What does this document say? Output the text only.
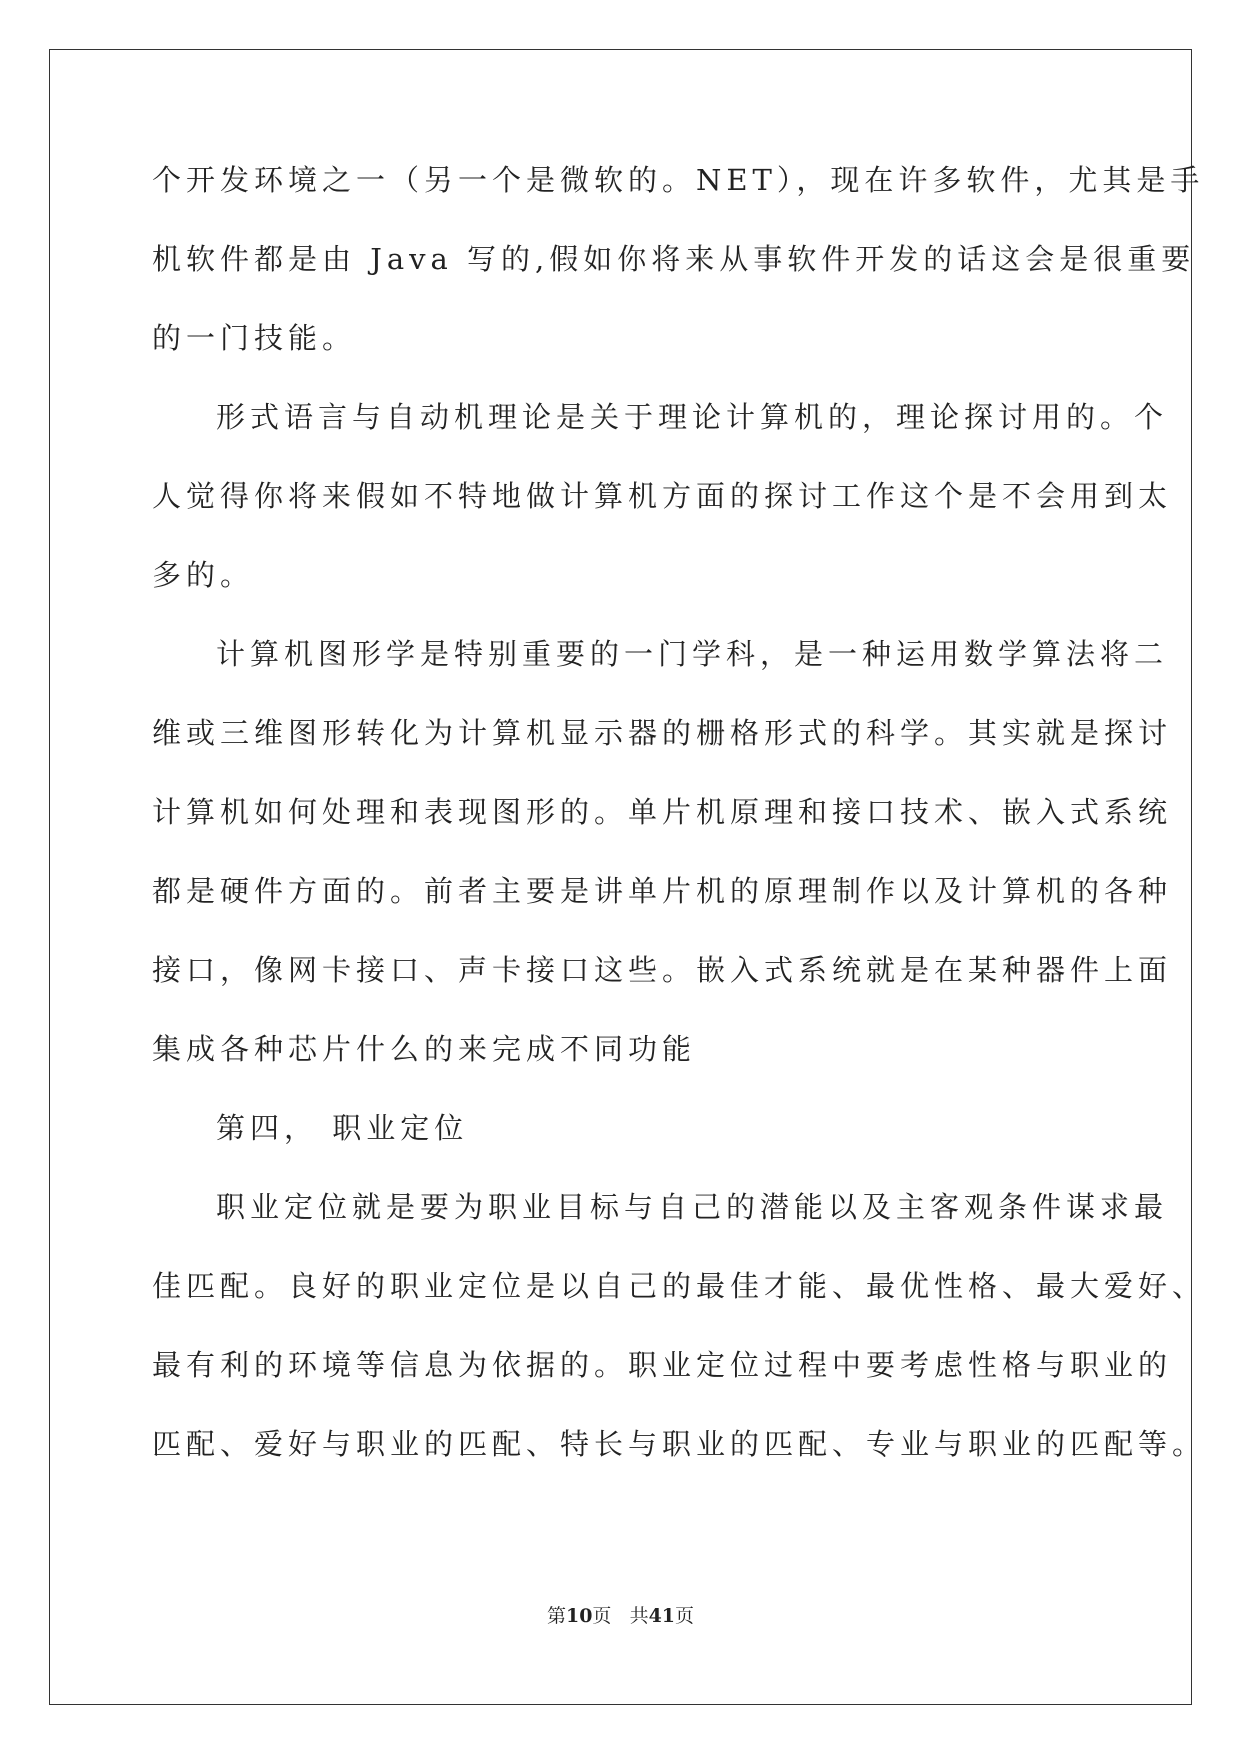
个开发环境之一（另一个是微软的。NET），现在许多软件，尤其是手
机软件都是由 Java 写的,假如你将来从事软件开发的话这会是很重要
的一门技能。
形式语言与自动机理论是关于理论计算机的，理论探讨用的。个
人觉得你将来假如不特地做计算机方面的探讨工作这个是不会用到太
多的。
计算机图形学是特别重要的一门学科，是一种运用数学算法将二
维或三维图形转化为计算机显示器的栅格形式的科学。其实就是探讨
计算机如何处理和表现图形的。单片机原理和接口技术、嵌入式系统
都是硬件方面的。前者主要是讲单片机的原理制作以及计算机的各种
接口，像网卡接口、声卡接口这些。嵌入式系统就是在某种器件上面
集成各种芯片什么的来完成不同功能
第四， 职业定位
职业定位就是要为职业目标与自己的潜能以及主客观条件谋求最
佳匹配。良好的职业定位是以自己的最佳才能、最优性格、最大爱好、
最有利的环境等信息为依据的。职业定位过程中要考虑性格与职业的
匹配、爱好与职业的匹配、特长与职业的匹配、专业与职业的匹配等。
第10页 共41页
